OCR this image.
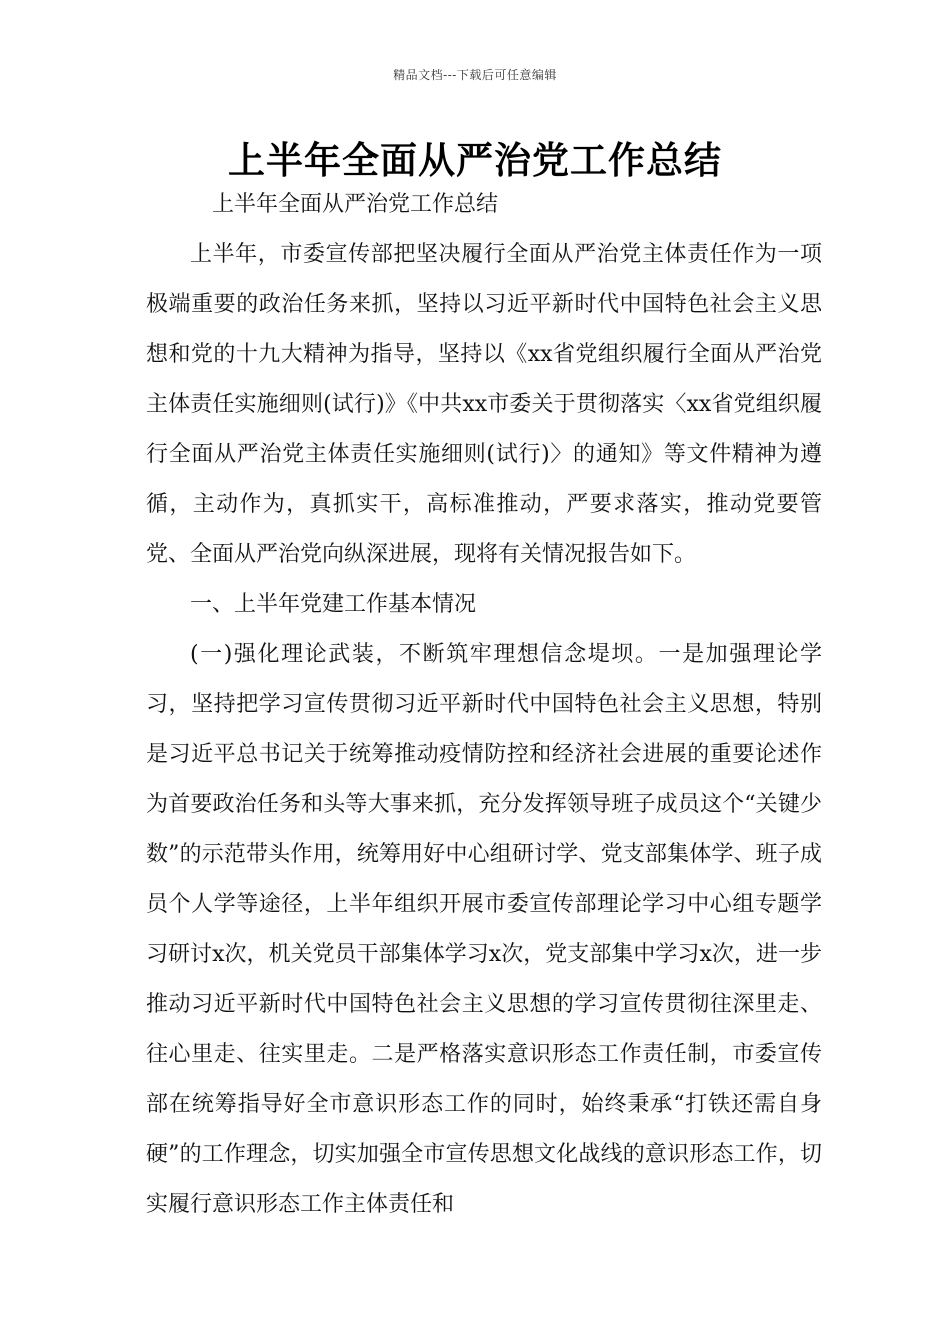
精品文档---下载后可任意编辑
上半年全面从严治党工作总结

上半年全面从严治党工作总结

上半年，市委宣传部把坚决履行全面从严治党主体责任作为一项极端重要的政治任务来抓，坚持以习近平新时代中国特色社会主义思想和党的十九大精神为指导，坚持以《xx省党组织履行全面从严治党主体责任实施细则(试行)》《中共xx市委关于贯彻落实〈xx省党组织履行全面从严治党主体责任实施细则(试行)〉的通知》等文件精神为遵循，主动作为，真抓实干，高标准推动，严要求落实，推动党要管党、全面从严治党向纵深进展，现将有关情况报告如下。

一、上半年党建工作基本情况

(一)强化理论武装，不断筑牢理想信念堤坝。一是加强理论学习，坚持把学习宣传贯彻习近平新时代中国特色社会主义思想，特别是习近平总书记关于统筹推动疫情防控和经济社会进展的重要论述作为首要政治任务和头等大事来抓，充分发挥领导班子成员这个“关键少数”的示范带头作用，统筹用好中心组研讨学、党支部集体学、班子成员个人学等途径，上半年组织开展市委宣传部理论学习中心组专题学习研讨x次，机关党员干部集体学习x次，党支部集中学习x次，进一步推动习近平新时代中国特色社会主义思想的学习宣传贯彻往深里走、往心里走、往实里走。二是严格落实意识形态工作责任制，市委宣传部在统筹指导好全市意识形态工作的同时，始终秉承“打铁还需自身硬”的工作理念，切实加强全市宣传思想文化战线的意识形态工作，切实履行意识形态工作主体责任和
